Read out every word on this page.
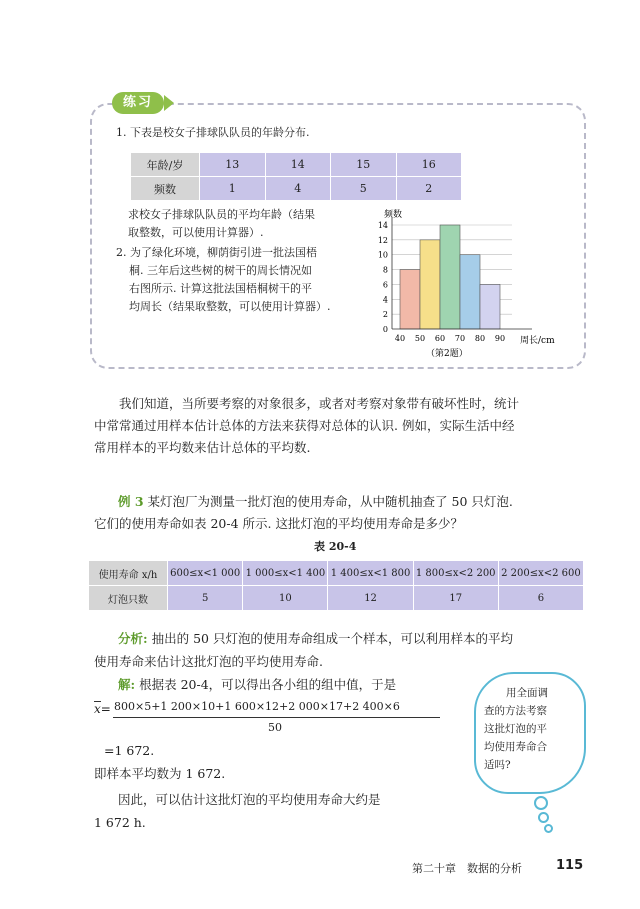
练习
1. 下表是校女子排球队队员的年龄分布.
年龄/岁	13	14	15	16
频数	1	4	5	2
求校女子排球队队员的平均年龄（结果
取整数，可以使用计算器）.
2. 为了绿化环境，柳荫街引进一批法国梧
桐. 三年后这些树的树干的周长情况如
右图所示. 计算这批法国梧桐树干的平
均周长（结果取整数，可以使用计算器）.
频数
周长/cm
（第2题）
0
2
4
6
8
10
12
14
40 50 60 70 80 90
我们知道，当所要考察的对象很多，或者对考察对象带有破坏性时，统计
中常常通过用样本估计总体的方法来获得对总体的认识. 例如，实际生活中经
常用样本的平均数来估计总体的平均数.
例 3 某灯泡厂为测量一批灯泡的使用寿命，从中随机抽查了 50 只灯泡.
它们的使用寿命如表 20-4 所示. 这批灯泡的平均使用寿命是多少？
表 20-4
使用寿命 x/h	600≤x<1 000	1 000≤x<1 400	1 400≤x<1 800	1 800≤x<2 200	2 200≤x<2 600
灯泡只数	5	10	12	17	6
分析: 抽出的 50 只灯泡的使用寿命组成一个样本，可以利用样本的平均
使用寿命来估计这批灯泡的平均使用寿命.
解: 根据表 20-4，可以得出各小组的组中值，于是
x= 800×5+1 200×10+1 600×12+2 000×17+2 400×6
50
=1 672.
即样本平均数为 1 672.
因此，可以估计这批灯泡的平均使用寿命大约是
1 672 h.
用全面调
查的方法考察
这批灯泡的平
均使用寿命合
适吗?
第二十章　数据的分析	115
